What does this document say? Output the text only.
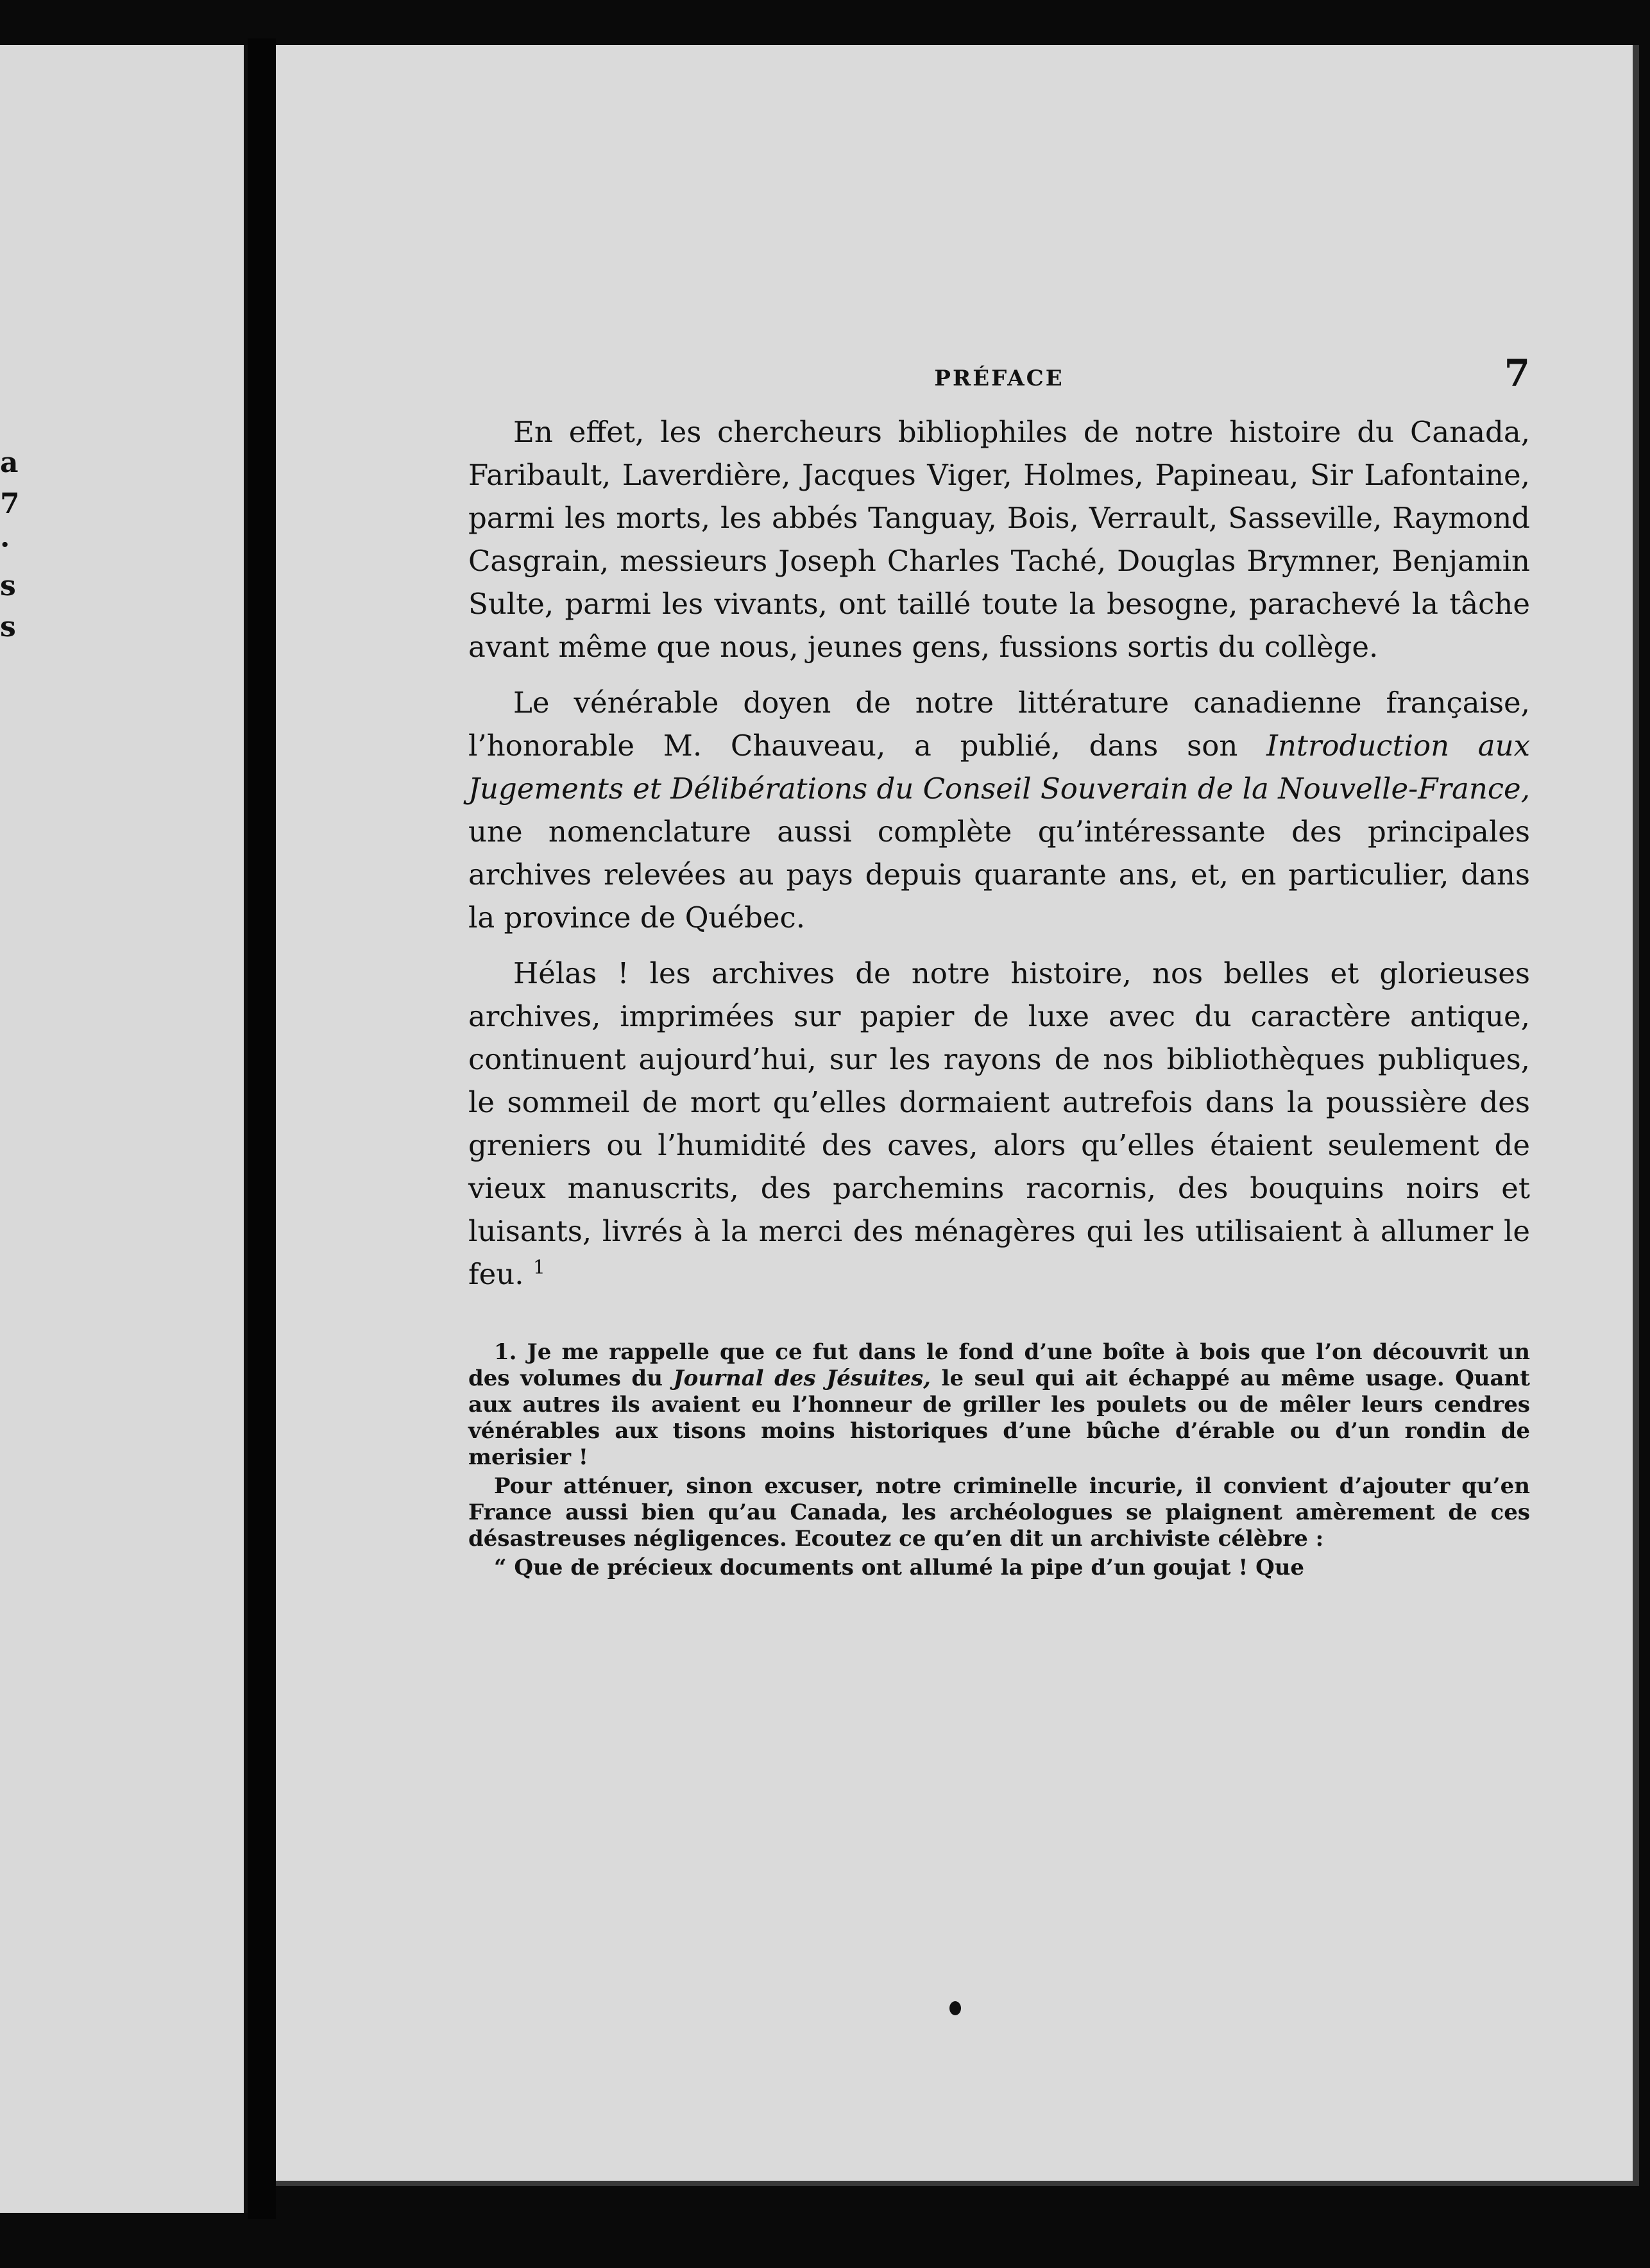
a
7
·
s
s
PRÉFACE	7

En effet, les chercheurs bibliophiles de notre histoire du Canada, Faribault, Laverdière, Jacques Viger, Holmes, Papineau, Sir Lafontaine, parmi les morts, les abbés Tanguay, Bois, Verrault, Sasseville, Raymond Casgrain, messieurs Joseph Charles Taché, Douglas Brymner, Benjamin Sulte, parmi les vivants, ont taillé toute la besogne, parachevé la tâche avant même que nous, jeunes gens, fussions sortis du collège.

Le vénérable doyen de notre littérature canadienne française, l’honorable M. Chauveau, a publié, dans son Introduction aux Jugements et Délibérations du Conseil Souverain de la Nouvelle-France, une nomenclature aussi complète qu’intéressante des principales archives relevées au pays depuis quarante ans, et, en particulier, dans la province de Québec.

Hélas ! les archives de notre histoire, nos belles et glorieuses archives, imprimées sur papier de luxe avec du caractère antique, continuent aujourd’hui, sur les rayons de nos bibliothèques publiques, le sommeil de mort qu’elles dormaient autrefois dans la poussière des greniers ou l’humidité des caves, alors qu’elles étaient seulement de vieux manuscrits, des parchemins racornis, des bouquins noirs et luisants, livrés à la merci des ménagères qui les utilisaient à allumer le feu. $^1$

1. Je me rappelle que ce fut dans le fond d’une boîte à bois que l’on découvrit un des volumes du Journal des Jésuites, le seul qui ait échappé au même usage. Quant aux autres ils avaient eu l’honneur de griller les poulets ou de mêler leurs cendres vénérables aux tisons moins historiques d’une bûche d’érable ou d’un rondin de merisier !

Pour atténuer, sinon excuser, notre criminelle incurie, il convient d’ajouter qu’en France aussi bien qu’au Canada, les archéologues se plaignent amèrement de ces désastreuses négligences. Ecoutez ce qu’en dit un archiviste célèbre :

“ Que de précieux documents ont allumé la pipe d’un goujat ! Que
